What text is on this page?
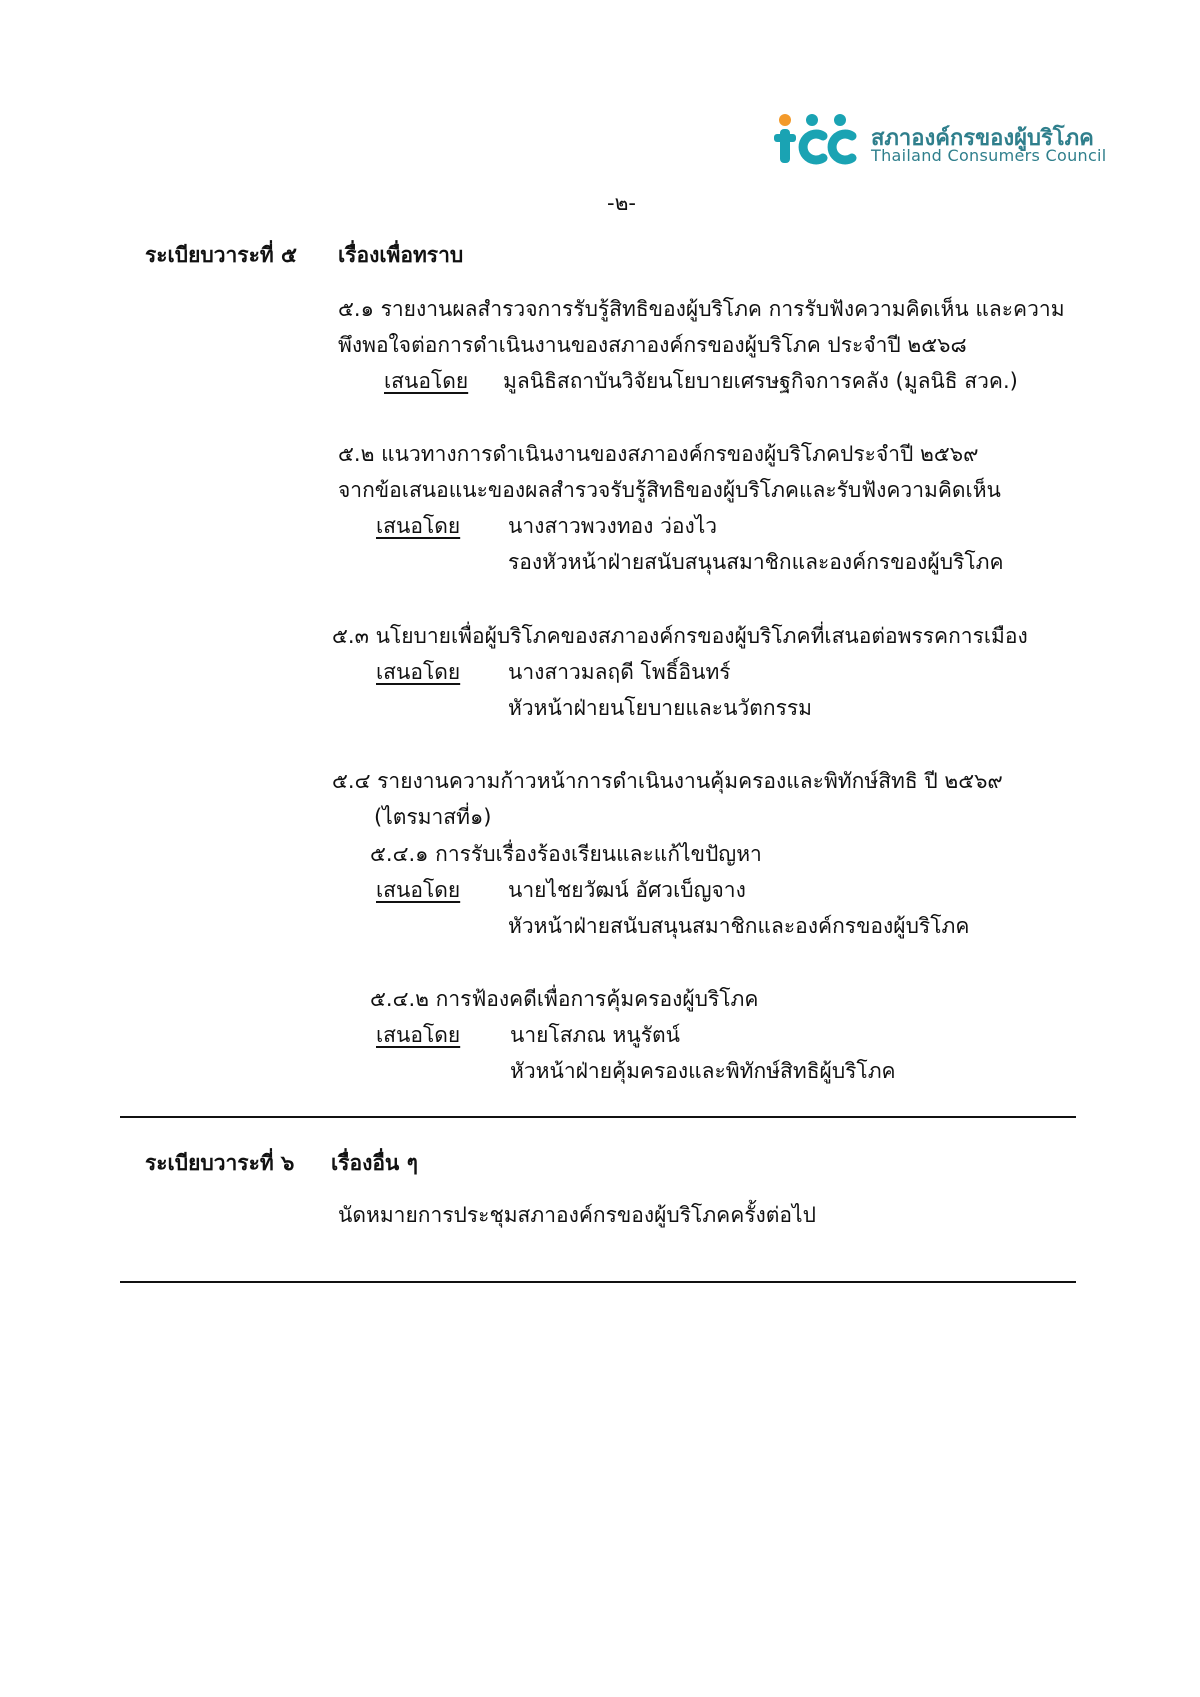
สภาองค์กรของผู้บริโภค
Thailand Consumers Council
-๒-
ระเบียบวาระที่ ๕ เรื่องเพื่อทราบ
๕.๑ รายงานผลสำรวจการรับรู้สิทธิของผู้บริโภค การรับฟังความคิดเห็น และความ
พึงพอใจต่อการดำเนินงานของสภาองค์กรของผู้บริโภค ประจำปี ๒๕๖๘
เสนอโดย มูลนิธิสถาบันวิจัยนโยบายเศรษฐกิจการคลัง (มูลนิธิ สวค.)
๕.๒ แนวทางการดำเนินงานของสภาองค์กรของผู้บริโภคประจำปี ๒๕๖๙
จากข้อเสนอแนะของผลสำรวจรับรู้สิทธิของผู้บริโภคและรับฟังความคิดเห็น
เสนอโดย นางสาวพวงทอง ว่องไว
รองหัวหน้าฝ่ายสนับสนุนสมาชิกและองค์กรของผู้บริโภค
๕.๓ นโยบายเพื่อผู้บริโภคของสภาองค์กรของผู้บริโภคที่เสนอต่อพรรคการเมือง
เสนอโดย นางสาวมลฤดี โพธิ์อินทร์
หัวหน้าฝ่ายนโยบายและนวัตกรรม
๕.๔ รายงานความก้าวหน้าการดำเนินงานคุ้มครองและพิทักษ์สิทธิ ปี ๒๕๖๙
(ไตรมาสที่๑)
๕.๔.๑ การรับเรื่องร้องเรียนและแก้ไขปัญหา
เสนอโดย นายไชยวัฒน์ อัศวเบ็ญจาง
หัวหน้าฝ่ายสนับสนุนสมาชิกและองค์กรของผู้บริโภค
๕.๔.๒ การฟ้องคดีเพื่อการคุ้มครองผู้บริโภค
เสนอโดย นายโสภณ หนูรัตน์
หัวหน้าฝ่ายคุ้มครองและพิทักษ์สิทธิผู้บริโภค
ระเบียบวาระที่ ๖ เรื่องอื่น ๆ
นัดหมายการประชุมสภาองค์กรของผู้บริโภคครั้งต่อไป
